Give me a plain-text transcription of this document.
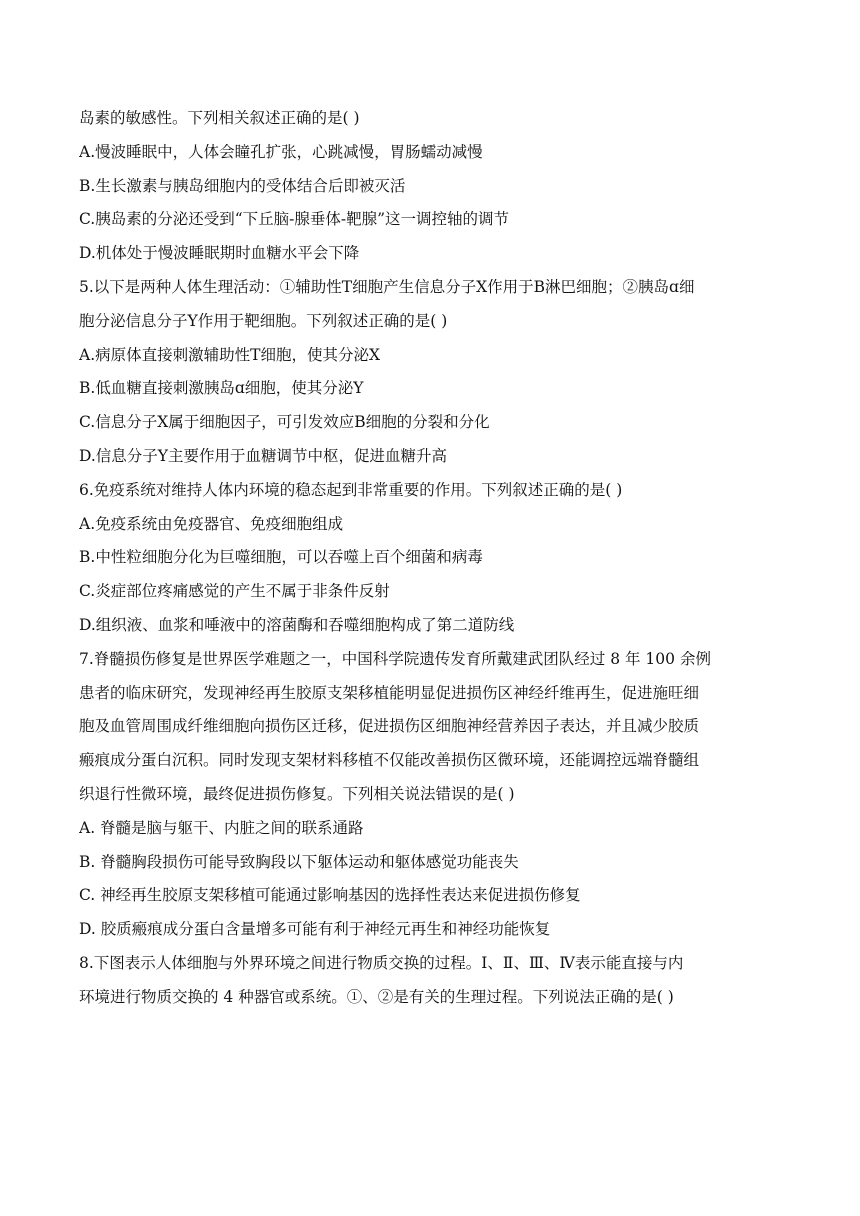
岛素的敏感性。下列相关叙述正确的是( )
A.慢波睡眠中，人体会瞳孔扩张，心跳减慢，胃肠蠕动减慢
B.生长激素与胰岛细胞内的受体结合后即被灭活
C.胰岛素的分泌还受到“下丘脑-腺垂体-靶腺”这一调控轴的调节
D.机体处于慢波睡眠期时血糖水平会下降
5.以下是两种人体生理活动：①辅助性T细胞产生信息分子X作用于B淋巴细胞；②胰岛ɑ细
胞分泌信息分子Y作用于靶细胞。下列叙述正确的是( )
A.病原体直接刺激辅助性T细胞，使其分泌X
B.低血糖直接刺激胰岛ɑ细胞，使其分泌Y
C.信息分子X属于细胞因子，可引发效应B细胞的分裂和分化
D.信息分子Y主要作用于血糖调节中枢，促进血糖升高
6.免疫系统对维持人体内环境的稳态起到非常重要的作用。下列叙述正确的是( )
A.免疫系统由免疫器官、免疫细胞组成
B.中性粒细胞分化为巨噬细胞，可以吞噬上百个细菌和病毒
C.炎症部位疼痛感觉的产生不属于非条件反射
D.组织液、血浆和唾液中的溶菌酶和吞噬细胞构成了第二道防线
7.脊髓损伤修复是世界医学难题之一，中国科学院遗传发育所戴建武团队经过 8 年 100 余例
患者的临床研究，发现神经再生胶原支架移植能明显促进损伤区神经纤维再生，促进施旺细
胞及血管周围成纤维细胞向损伤区迁移，促进损伤区细胞神经营养因子表达，并且减少胶质
瘢痕成分蛋白沉积。同时发现支架材料移植不仅能改善损伤区微环境，还能调控远端脊髓组
织退行性微环境，最终促进损伤修复。下列相关说法错误的是( )
A. 脊髓是脑与躯干、内脏之间的联系通路
B. 脊髓胸段损伤可能导致胸段以下躯体运动和躯体感觉功能丧失
C. 神经再生胶原支架移植可能通过影响基因的选择性表达来促进损伤修复
D. 胶质瘢痕成分蛋白含量增多可能有利于神经元再生和神经功能恢复
8.下图表示人体细胞与外界环境之间进行物质交换的过程。Ⅰ、Ⅱ、Ⅲ、Ⅳ表示能直接与内
环境进行物质交换的 4 种器官或系统。①、②是有关的生理过程。下列说法正确的是( )
